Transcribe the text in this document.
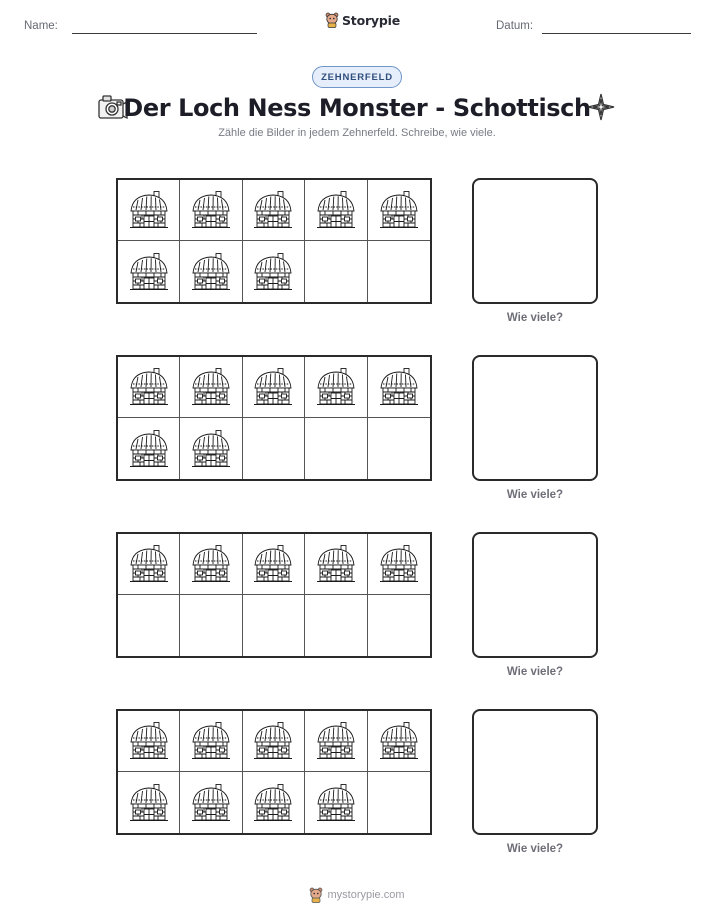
Name:	Storypie	Datum:
ZEHNERFELD
Der Loch Ness Monster - Schottisch
Zähle die Bilder in jedem Zehnerfeld. Schreibe, wie viele.
Wie viele?
Wie viele?
Wie viele?
Wie viele?
mystorypie.com
